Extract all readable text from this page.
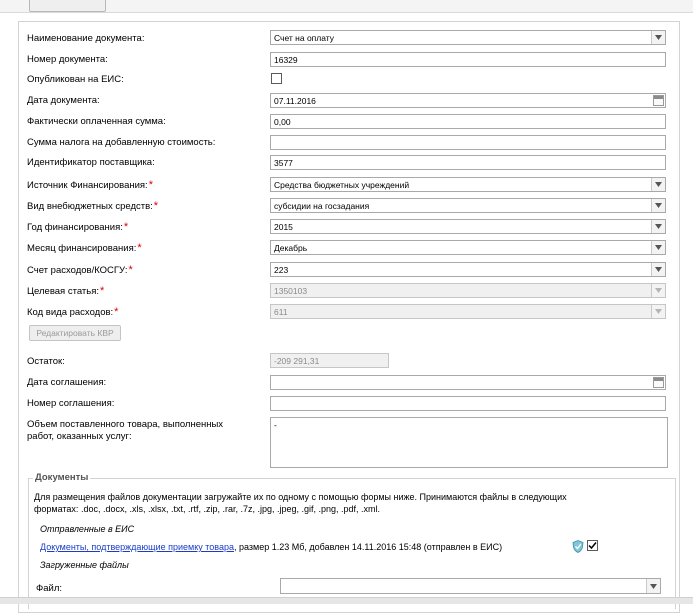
Наименование документа:	Счет на оплату
Номер документа:	16329
Опубликован на ЕИС:
Дата документа:	07.11.2016
Фактически оплаченная сумма:	0,00
Сумма налога на добавленную стоимость:
Идентификатор поставщика:	3577
Источник Финансирования:*	Средства бюджетных учреждений
Вид внебюджетных средств:*	субсидии на госзадания
Год финансирования:*	2015
Месяц финансирования:*	Декабрь
Счет расходов/КОСГУ:*	223
Целевая статья:*	1350103
Код вида расходов:*	611
Редактировать КВР
Остаток:	-209 291,31
Дата соглашения:
Номер соглашения:
Объем поставленного товара, выполненных
работ, оказанных услуг:
-
Документы
Для размещения файлов документации загружайте их по одному с помощью формы ниже. Принимаются файлы в следующих
форматах: .doc, .docx, .xls, .xlsx, .txt, .rtf, .zip, .rar, .7z, .jpg, .jpeg, .gif, .png, .pdf, .xml.
Отправленные в ЕИС
Документы, подтверждающие приемку товара, размер 1.23 Мб, добавлен 14.11.2016 15:48 (отправлен в ЕИС)
Загруженные файлы
Файл:
